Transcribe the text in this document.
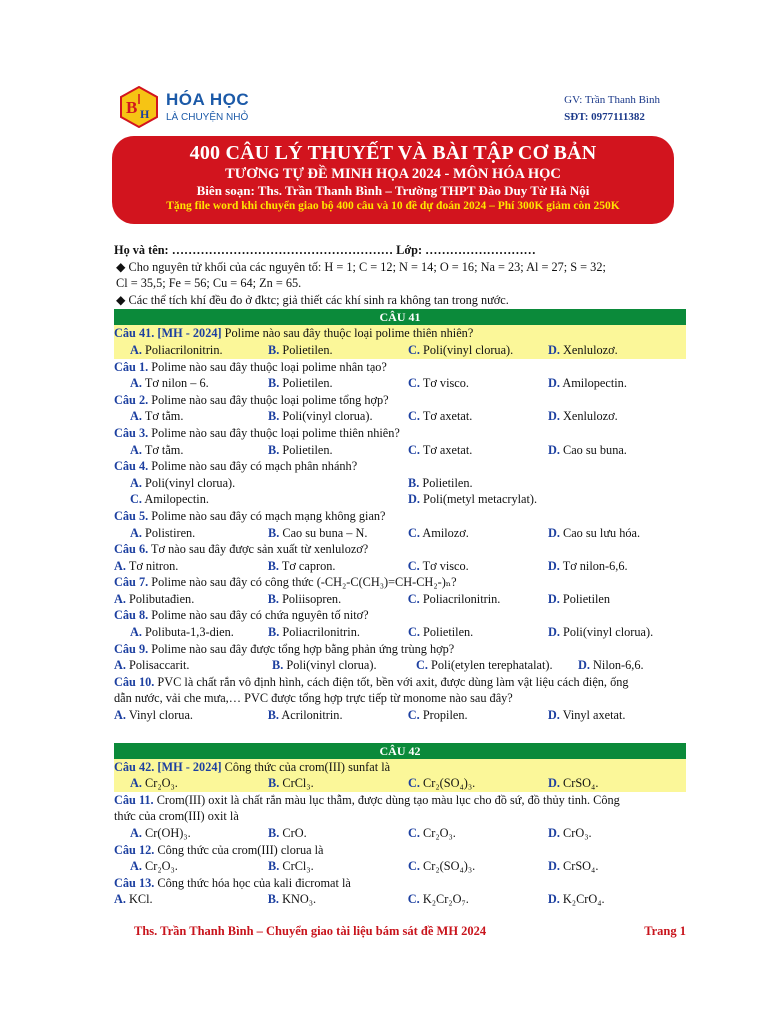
B H
HÓA HỌC
LÀ CHUYỆN NHỎ
GV: Trần Thanh Bình
SĐT: 0977111382
400 CÂU LÝ THUYẾT VÀ BÀI TẬP CƠ BẢN
TƯƠNG TỰ ĐỀ MINH HỌA 2024 - MÔN HÓA HỌC
Biên soạn: Ths. Trần Thanh Bình – Trường THPT Đào Duy Từ Hà Nội
Tặng file word khi chuyển giao bộ 400 câu và 10 đề dự đoán 2024 – Phí 300K giảm còn 250K
Họ và tên: ……………………………………………… Lớp: ………………………
◆ Cho nguyên tử khối của các nguyên tố: H = 1; C = 12; N = 14; O = 16; Na = 23; Al = 27; S = 32;
Cl = 35,5; Fe = 56; Cu = 64; Zn = 65.
◆ Các thể tích khí đều đo ở đktc; giả thiết các khí sinh ra không tan trong nước.
CÂU 41
Câu 41. [MH - 2024] Polime nào sau đây thuộc loại polime thiên nhiên?
A. Poliacrilonitrin.	B. Polietilen.	C. Poli(vinyl clorua).	D. Xenlulozơ.
Câu 1. Polime nào sau đây thuộc loại polime nhân tạo?
A. Tơ nilon – 6.	B. Polietilen.	C. Tơ visco.	D. Amilopectin.
Câu 2. Polime nào sau đây thuộc loại polime tổng hợp?
A. Tơ tằm.	B. Poli(vinyl clorua).	C. Tơ axetat.	D. Xenlulozơ.
Câu 3. Polime nào sau đây thuộc loại polime thiên nhiên?
A. Tơ tằm.	B. Polietilen.	C. Tơ axetat.	D. Cao su buna.
Câu 4. Polime nào sau đây có mạch phân nhánh?
A. Poli(vinyl clorua).	B. Polietilen.
C. Amilopectin.	D. Poli(metyl metacrylat).
Câu 5. Polime nào sau đây có mạch mạng không gian?
A. Polistiren.	B. Cao su buna – N.	C. Amilozơ.	D. Cao su lưu hóa.
Câu 6. Tơ nào sau đây được sản xuất từ xenlulozơ?
A. Tơ nitron.	B. Tơ capron.	C. Tơ visco.	D. Tơ nilon-6,6.
Câu 7. Polime nào sau đây có công thức (-CH₂-C(CH₃)=CH-CH₂-)ₙ?
A. Polibutađien.	B. Poliisopren.	C. Poliacrilonitrin.	D. Polietilen
Câu 8. Polime nào sau đây có chứa nguyên tố nitơ?
A. Polibuta-1,3-dien.	B. Poliacrilonitrin.	C. Polietilen.	D. Poli(vinyl clorua).
Câu 9. Polime nào sau đây được tổng hợp bằng phản ứng trùng hợp?
A. Polisaccarit.	B. Poli(vinyl clorua).	C. Poli(etylen terephatalat).	D. Nilon-6,6.
Câu 10. PVC là chất rắn vô định hình, cách điện tốt, bền với axit, được dùng làm vật liệu cách điện, ống
dẫn nước, vải che mưa,… PVC được tổng hợp trực tiếp từ monome nào sau đây?
A. Vinyl clorua.	B. Acrilonitrin.	C. Propilen.	D. Vinyl axetat.
CÂU 42
Câu 42. [MH - 2024] Công thức của crom(III) sunfat là
A. Cr₂O₃.	B. CrCl₃.	C. Cr₂(SO₄)₃.	D. CrSO₄.
Câu 11. Crom(III) oxit là chất rắn màu lục thẫm, được dùng tạo màu lục cho đồ sứ, đồ thủy tinh. Công
thức của crom(III) oxit là
A. Cr(OH)₃.	B. CrO.	C. Cr₂O₃.	D. CrO₃.
Câu 12. Công thức của crom(III) clorua là
A. Cr₂O₃.	B. CrCl₃.	C. Cr₂(SO₄)₃.	D. CrSO₄.
Câu 13. Công thức hóa học của kali đicromat là
A. KCl.	B. KNO₃.	C. K₂Cr₂O₇.	D. K₂CrO₄.
Ths. Trần Thanh Bình – Chuyển giao tài liệu bám sát đề MH 2024	Trang 1
